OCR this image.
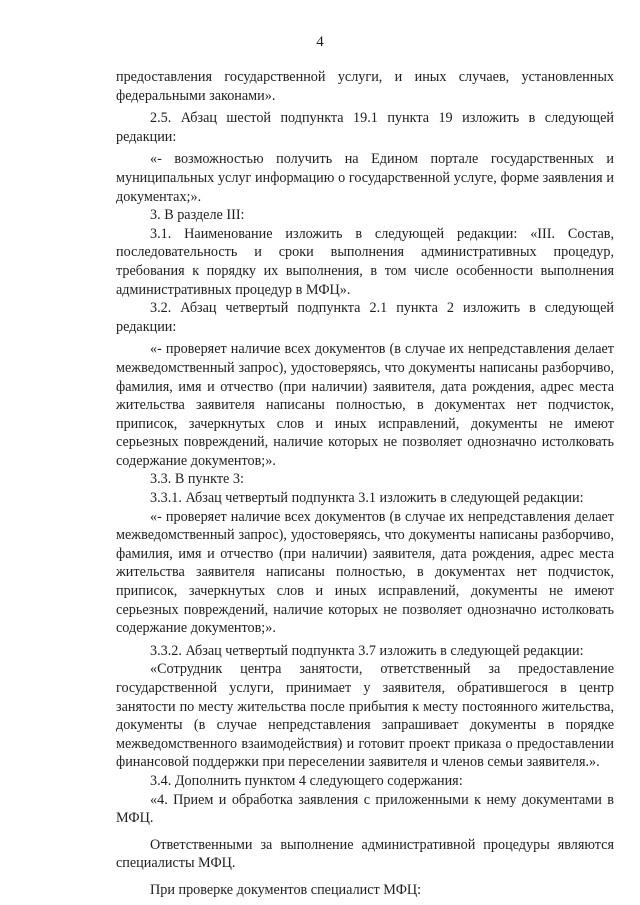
4

предоставления государственной услуги, и иных случаев, установленных федеральными законами».

2.5. Абзац шестой подпункта 19.1 пункта 19 изложить в следующей редакции:

«- возможностью получить на Едином портале государственных и муниципальных услуг информацию о государственной услуге, форме заявления и документах;».

3. В разделе III:

3.1. Наименование изложить в следующей редакции: «III. Состав, последовательность и сроки выполнения административных процедур, требования к порядку их выполнения, в том числе особенности выполнения административных процедур в МФЦ».

3.2. Абзац четвертый подпункта 2.1 пункта 2 изложить в следующей редакции:

«- проверяет наличие всех документов (в случае их непредставления делает межведомственный запрос), удостоверяясь, что документы написаны разборчиво, фамилия, имя и отчество (при наличии) заявителя, дата рождения, адрес места жительства заявителя написаны полностью, в документах нет подчисток, приписок, зачеркнутых слов и иных исправлений, документы не имеют серьезных повреждений, наличие которых не позволяет однозначно истолковать содержание документов;».

3.3. В пункте 3:

3.3.1. Абзац четвертый подпункта 3.1 изложить в следующей редакции:

«- проверяет наличие всех документов (в случае их непредставления делает межведомственный запрос), удостоверяясь, что документы написаны разборчиво, фамилия, имя и отчество (при наличии) заявителя, дата рождения, адрес места жительства заявителя написаны полностью, в документах нет подчисток, приписок, зачеркнутых слов и иных исправлений, документы не имеют серьезных повреждений, наличие которых не позволяет однозначно истолковать содержание документов;».

3.3.2. Абзац четвертый подпункта 3.7 изложить в следующей редакции:

«Сотрудник центра занятости, ответственный за предоставление государственной услуги, принимает у заявителя, обратившегося в центр занятости по месту жительства после прибытия к месту постоянного жительства, документы (в случае непредставления запрашивает документы в порядке межведомственного взаимодействия) и готовит проект приказа о предоставлении финансовой поддержки при переселении заявителя и членов семьи заявителя.».

3.4. Дополнить пунктом 4 следующего содержания:

«4. Прием и обработка заявления с приложенными к нему документами в МФЦ.

Ответственными за выполнение административной процедуры являются специалисты МФЦ.

При проверке документов специалист МФЦ:
